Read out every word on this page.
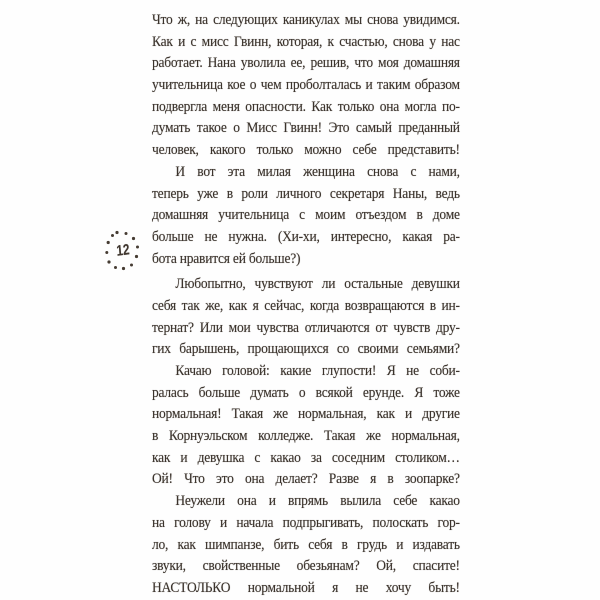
12
Что ж, на следующих каникулах мы снова увидимся.
Как и с мисс Гвинн, которая, к счастью, снова у нас
работает. Нана уволила ее, решив, что моя домашняя
учительница кое о чем проболталась и таким образом
подвергла меня опасности. Как только она могла по-
думать такое о Мисс Гвинн! Это самый преданный
человек, какого только можно себе представить!
И вот эта милая женщина снова с нами,
теперь уже в роли личного секретаря Наны, ведь
домашняя учительница с моим отъездом в доме
больше не нужна. (Хи-хи, интересно, какая ра-
бота нравится ей больше?)
Любопытно, чувствуют ли остальные девушки
себя так же, как я сейчас, когда возвращаются в ин-
тернат? Или мои чувства отличаются от чувств дру-
гих барышень, прощающихся со своими семьями?
Качаю головой: какие глупости! Я не соби-
ралась больше думать о всякой ерунде. Я тоже
нормальная! Такая же нормальная, как и другие
в Корнуэльском колледже. Такая же нормальная,
как и девушка с какао за соседним столиком…
Ой! Что это она делает? Разве я в зоопарке?
Неужели она и впрямь вылила себе какао
на голову и начала подпрыгивать, полоскать гор-
ло, как шимпанзе, бить себя в грудь и издавать
звуки, свойственные обезьянам? Ой, спасите!
НАСТОЛЬКО нормальной я не хочу быть!
